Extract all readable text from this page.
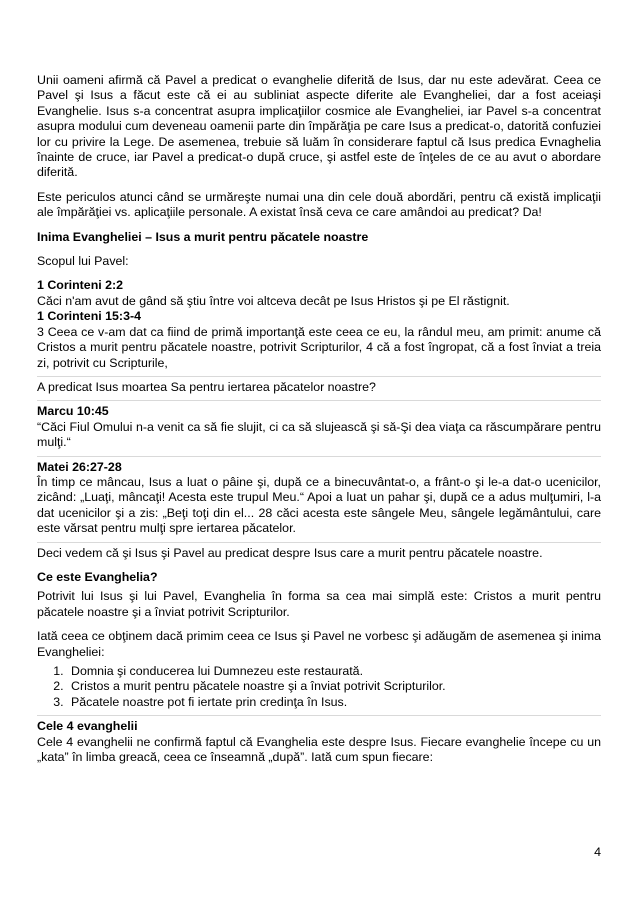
Unii oameni afirmă că Pavel a predicat o evanghelie diferită de Isus, dar nu este adevărat. Ceea ce Pavel şi Isus a făcut este că ei au subliniat aspecte diferite ale Evangheliei, dar a fost aceiaşi Evanghelie. Isus s-a concentrat asupra implicaţiilor cosmice ale Evangheliei, iar Pavel s-a concentrat asupra modului cum deveneau oamenii parte din împărăţia pe care Isus a predicat-o, datorită confuziei lor cu privire la Lege. De asemenea, trebuie să luăm în considerare faptul că Isus predica Evnaghelia înainte de cruce, iar Pavel a predicat-o după cruce, şi astfel este de înţeles de ce au avut o abordare diferită.

Este periculos atunci când se urmăreşte numai una din cele două abordări, pentru că există implicaţii ale împărăţiei vs. aplicaţiile personale. A existat însă ceva ce care amândoi au predicat? Da!

Inima Evangheliei – Isus a murit pentru păcatele noastre

Scopul lui Pavel:

1 Corinteni 2:2

Căci n'am avut de gând să ştiu între voi altceva decât pe Isus Hristos şi pe El răstignit.

1 Corinteni 15:3-4

3 Ceea ce v-am dat ca fiind de primă importanţă este ceea ce eu, la rândul meu, am primit: anume că Cristos a murit pentru păcatele noastre, potrivit Scripturilor, 4 că a fost îngropat, că a fost înviat a treia zi, potrivit cu Scripturile,

A predicat Isus moartea Sa pentru iertarea păcatelor noastre?

Marcu 10:45

“Căci Fiul Omului n-a venit ca să fie slujit, ci ca să slujească şi să-Şi dea viaţa ca răscumpărare pentru mulţi.“

Matei 26:27-28

În timp ce mâncau, Isus a luat o pâine şi, după ce a binecuvântat-o, a frânt-o şi le-a dat-o ucenicilor, zicând: „Luaţi, mâncaţi! Acesta este trupul Meu.“ Apoi a luat un pahar şi, după ce a adus mulţumiri, l-a dat ucenicilor şi a zis: „Beţi toţi din el... 28 căci acesta este sângele Meu, sângele legământului, care este vărsat pentru mulţi spre iertarea păcatelor.

Deci vedem că şi Isus şi Pavel au predicat despre Isus care a murit pentru păcatele noastre.

Ce este Evanghelia?

Potrivit lui Isus şi lui Pavel, Evanghelia în forma sa cea mai simplă este: Cristos a murit pentru păcatele noastre şi a înviat potrivit Scripturilor.

Iată ceea ce obţinem dacă primim ceea ce Isus şi Pavel ne vorbesc şi adăugăm de asemenea şi inima Evangheliei:

1. Domnia şi conducerea lui Dumnezeu este restaurată.
2. Cristos a murit pentru păcatele noastre şi a înviat potrivit Scripturilor.
3. Păcatele noastre pot fi iertate prin credinţa în Isus.

Cele 4 evanghelii

Cele 4 evanghelii ne confirmă faptul că Evanghelia este despre Isus. Fiecare evanghelie începe cu un „kata” în limba greacă, ceea ce înseamnă „după”. Iată cum spun fiecare:

4
